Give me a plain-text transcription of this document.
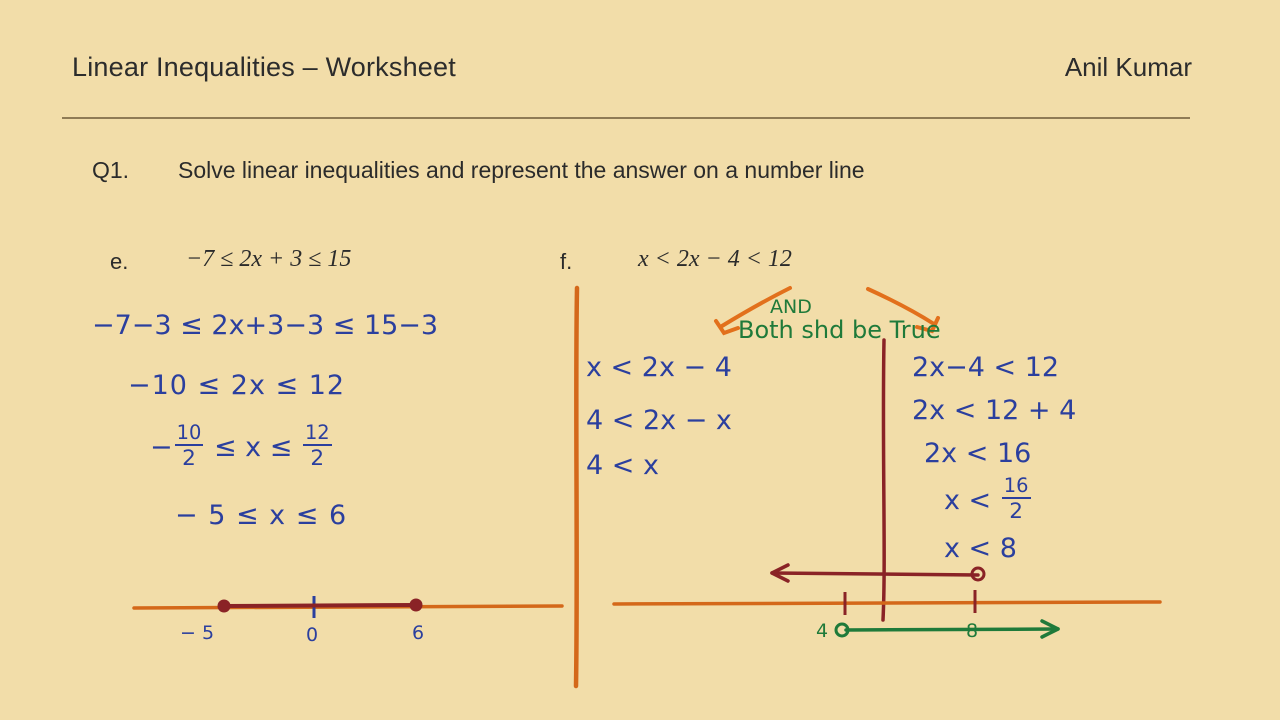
Linear Inequalities – Worksheet	Anil Kumar
Q1. Solve linear inequalities and represent the answer on a number line
e. −7 ≤ 2x + 3 ≤ 15	f.	x < 2x − 4 < 12
−7−3 ≤ 2x+3−3 ≤ 15−3
−10 ≤ 2x ≤ 12
− $\frac{10}{2} \le x \le \frac{12}{2}$
− 5 ≤ x ≤ 6
AND
Both shd be True
x < 2x − 4
4 < 2x − x
4 < x
2x−4 < 12
2x < 12 + 4
2x < 16
$x < \frac{16}{2}$
x < 8
− 5	0	6	4	8
